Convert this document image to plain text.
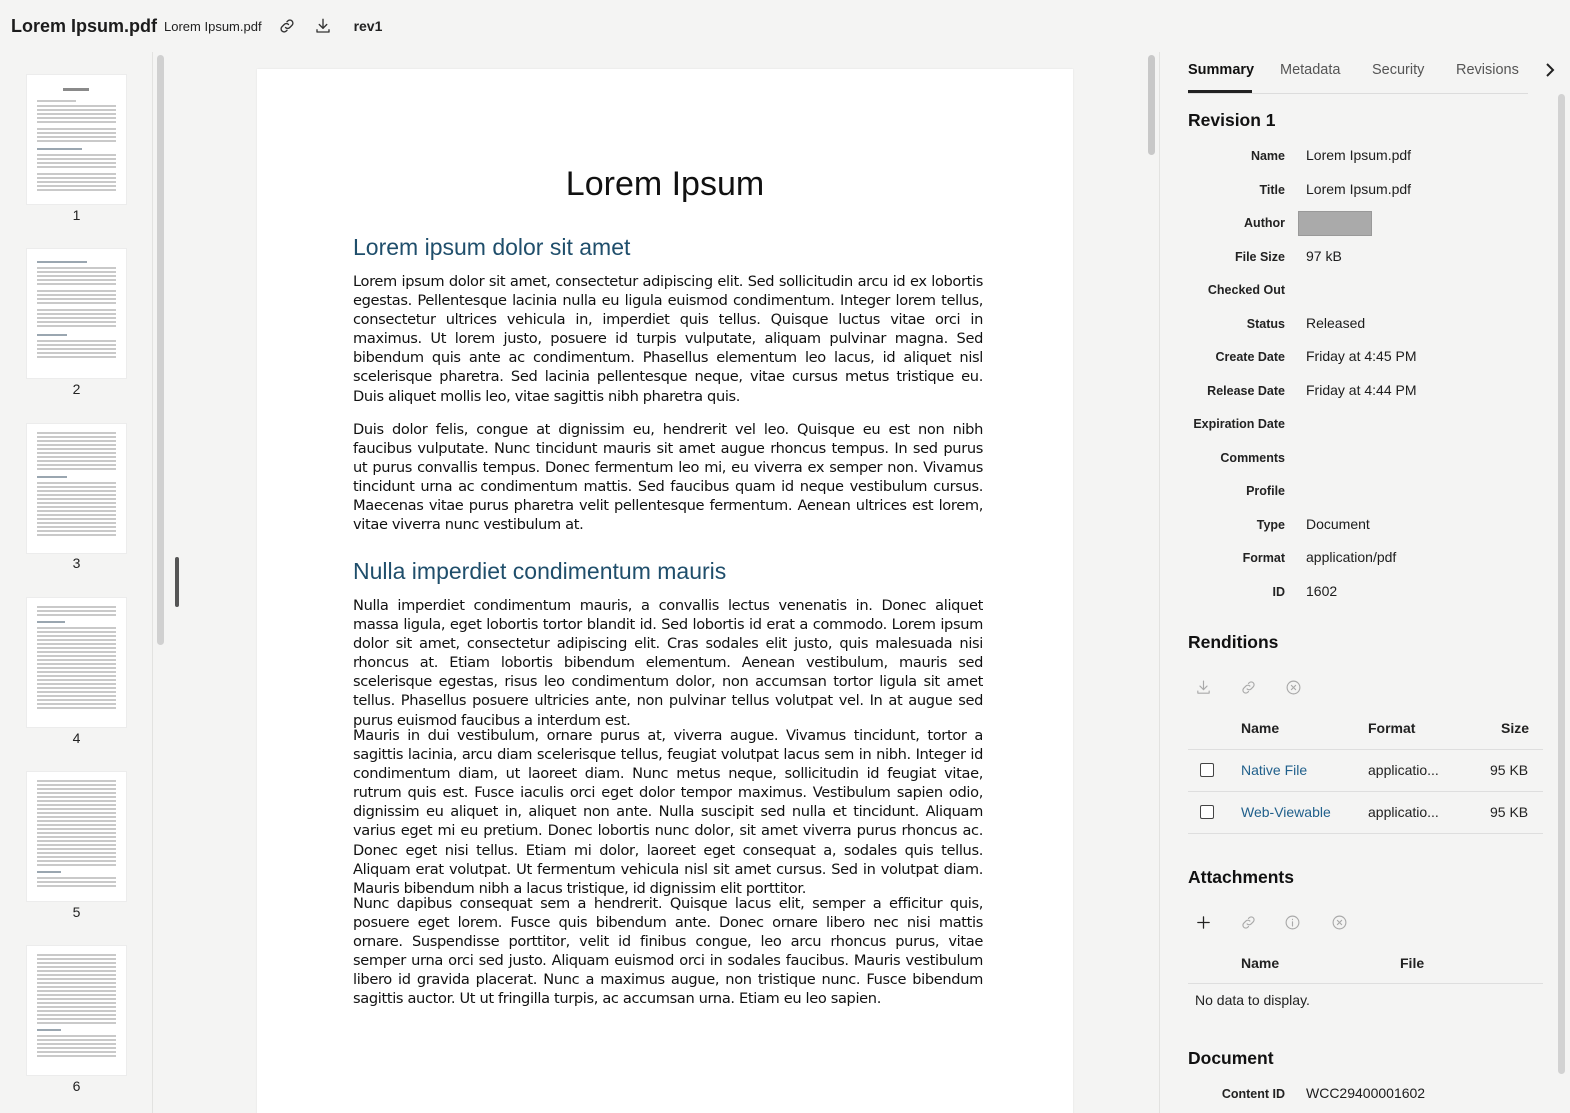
Lorem Ipsum.pdf Lorem Ipsum.pdf	rev1
1
2
3
4
5
6
Lorem Ipsum
Lorem ipsum dolor sit amet
Lorem ipsum dolor sit amet, consectetur adipiscing elit. Sed sollicitudin arcu id ex lobortis egestas. Pellentesque lacinia nulla eu ligula euismod condimentum. Integer lorem tellus, consectetur ultrices vehicula in, imperdiet quis tellus. Quisque luctus vitae orci in maximus. Ut lorem justo, posuere id turpis vulputate, aliquam pulvinar magna. Sed bibendum quis ante ac condimentum. Phasellus elementum leo lacus, id aliquet nisl scelerisque pharetra. Sed lacinia pellentesque neque, vitae cursus metus tristique eu. Duis aliquet mollis leo, vitae sagittis nibh pharetra quis.
Duis dolor felis, congue at dignissim eu, hendrerit vel leo. Quisque eu est non nibh faucibus vulputate. Nunc tincidunt mauris sit amet augue rhoncus tempus. In sed purus ut purus convallis tempus. Donec fermentum leo mi, eu viverra ex semper non. Vivamus tincidunt urna ac condimentum mattis. Sed faucibus quam id neque vestibulum cursus. Maecenas vitae purus pharetra velit pellentesque fermentum. Aenean ultrices est lorem, vitae viverra nunc vestibulum at.
Nulla imperdiet condimentum mauris
Nulla imperdiet condimentum mauris, a convallis lectus venenatis in. Donec aliquet massa ligula, eget lobortis tortor blandit id. Sed lobortis id erat a commodo. Lorem ipsum dolor sit amet, consectetur adipiscing elit. Cras sodales elit justo, quis malesuada nisi rhoncus at. Etiam lobortis bibendum elementum. Aenean vestibulum, mauris sed scelerisque egestas, risus leo condimentum dolor, non accumsan tortor ligula sit amet tellus. Phasellus posuere ultricies ante, non pulvinar tellus volutpat vel. In at augue sed purus euismod faucibus a interdum est.
Mauris in dui vestibulum, ornare purus at, viverra augue. Vivamus tincidunt, tortor a sagittis lacinia, arcu diam scelerisque tellus, feugiat volutpat lacus sem in nibh. Integer id condimentum diam, ut laoreet diam. Nunc metus neque, sollicitudin id feugiat vitae, rutrum quis est. Fusce iaculis orci eget dolor tempor maximus. Vestibulum sapien odio, dignissim eu aliquet in, aliquet non ante. Nulla suscipit sed nulla et tincidunt. Aliquam varius eget mi eu pretium. Donec lobortis nunc dolor, sit amet viverra purus rhoncus ac. Donec eget nisi tellus. Etiam mi dolor, laoreet eget consequat a, sodales quis tellus. Aliquam erat volutpat. Ut fermentum vehicula nisl sit amet cursus. Sed in volutpat diam. Mauris bibendum nibh a lacus tristique, id dignissim elit porttitor.
Nunc dapibus consequat sem a hendrerit. Quisque lacus elit, semper a efficitur quis, posuere eget lorem. Fusce quis bibendum ante. Donec ornare libero nec nisi mattis ornare. Suspendisse porttitor, velit id finibus congue, leo arcu rhoncus purus, vitae semper urna orci sed justo. Aliquam euismod orci in sodales faucibus. Mauris vestibulum libero id gravida placerat. Nunc a maximus augue, non tristique nunc. Fusce bibendum sagittis auctor. Ut ut fringilla turpis, ac accumsan urna. Etiam eu leo sapien.
Summary Metadata Security Revisions
Revision 1
Name Lorem Ipsum.pdf
Title Lorem Ipsum.pdf
Author
File Size 97 kB
Checked Out
Status Released
Create Date Friday at 4:45 PM
Release Date Friday at 4:44 PM
Expiration Date
Comments
Profile
Type Document
Format application/pdf
ID 1602
Renditions
Name	Format	Size
Native File	applicatio...	95 KB
Web-Viewable	applicatio...	95 KB
Attachments
Name	File
No data to display.
Document
Content ID WCC29400001602
